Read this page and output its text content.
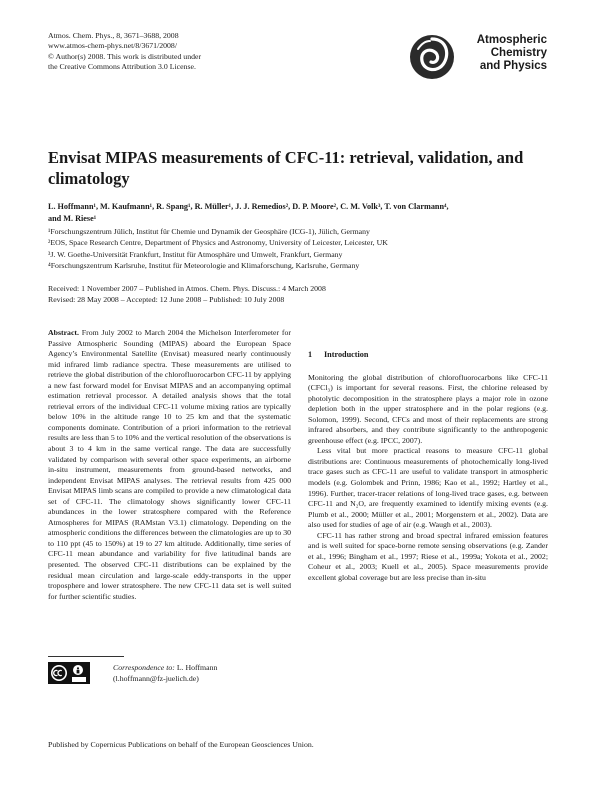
Atmos. Chem. Phys., 8, 3671–3688, 2008
www.atmos-chem-phys.net/8/3671/2008/
© Author(s) 2008. This work is distributed under
the Creative Commons Attribution 3.0 License.
Atmospheric
Chemistry
and Physics
Envisat MIPAS measurements of CFC-11: retrieval, validation, and climatology
L. Hoffmann¹, M. Kaufmann¹, R. Spang¹, R. Müller¹, J. J. Remedios², D. P. Moore², C. M. Volk³, T. von Clarmann⁴,
and M. Riese¹
¹Forschungszentrum Jülich, Institut für Chemie und Dynamik der Geosphäre (ICG-1), Jülich, Germany
²EOS, Space Research Centre, Department of Physics and Astronomy, University of Leicester, Leicester, UK
³J. W. Goethe-Universität Frankfurt, Institut für Atmosphäre und Umwelt, Frankfurt, Germany
⁴Forschungszentrum Karlsruhe, Institut für Meteorologie and Klimaforschung, Karlsruhe, Germany
Received: 1 November 2007 – Published in Atmos. Chem. Phys. Discuss.: 4 March 2008
Revised: 28 May 2008 – Accepted: 12 June 2008 – Published: 10 July 2008

Abstract. From July 2002 to March 2004 the Michelson Interferometer for Passive Atmospheric Sounding (MIPAS) aboard the European Space Agency’s Environmental Satellite (Envisat) measured nearly continuously mid infrared limb radiance spectra. These measurements are utilised to retrieve the global distribution of the chlorofluorocarbon CFC-11 by applying a new fast forward model for Envisat MIPAS and an accompanying optimal estimation retrieval processor. A detailed analysis shows that the total retrieval errors of the individual CFC-11 volume mixing ratios are typically below 10% in the altitude range 10 to 25 km and that the systematic components dominate. Contribution of a priori information to the retrieval results are less than 5 to 10% and the vertical resolution of the observations is about 3 to 4 km in the same vertical range. The data are successfully validated by comparison with several other space experiments, an airborne in-situ instrument, measurements from ground-based networks, and independent Envisat MIPAS analyses. The retrieval results from 425 000 Envisat MIPAS limb scans are compiled to provide a new climatological data set of CFC-11. The climatology shows significantly lower CFC-11 abundances in the lower stratosphere compared with the Reference Atmospheres for MIPAS (RAMstan V3.1) climatology. Depending on the atmospheric conditions the differences between the climatologies are up to 30 to 110 ppt (45 to 150%) at 19 to 27 km altitude. Additionally, time series of CFC-11 mean abundance and variability for five latitudinal bands are presented. The observed CFC-11 distributions can be explained by the residual mean circulation and large-scale eddy-transports in the upper troposphere and lower stratosphere. The new CFC-11 data set is well suited for further scientific studies.

1 Introduction

Monitoring the global distribution of chlorofluorocarbons like CFC-11 (CFCl₃) is important for several reasons. First, the chlorine released by photolytic decomposition in the stratosphere plays a major role in ozone depletion both in the upper stratosphere and in the polar regions (e.g. Solomon, 1999). Second, CFCs and most of their replacements are strong infrared absorbers, and they contribute significantly to the anthropogenic greenhouse effect (e.g. IPCC, 2007).

Less vital but more practical reasons to measure CFC-11 global distributions are: Continuous measurements of photochemically long-lived trace gases such as CFC-11 are useful to validate transport in atmospheric models (e.g. Golombek and Prinn, 1986; Kao et al., 1992; Hartley et al., 1996). Further, tracer-tracer relations of long-lived trace gases, e.g. between CFC-11 and N₂O, are frequently examined to identify mixing events (e.g. Plumb et al., 2000; Müller et al., 2001; Morgenstern et al., 2002). Data are also used for studies of age of air (e.g. Waugh et al., 2003).

CFC-11 has rather strong and broad spectral infrared emission features and is well suited for space-borne remote sensing observations (e.g. Zander et al., 1996; Bingham et al., 1997; Riese et al., 1999a; Yokota et al., 2002; Coheur et al., 2003; Kuell et al., 2005). Space measurements provide excellent global coverage but are less precise than in-situ

Correspondence to: L. Hoffmann
(l.hoffmann@fz-juelich.de)
Published by Copernicus Publications on behalf of the European Geosciences Union.
